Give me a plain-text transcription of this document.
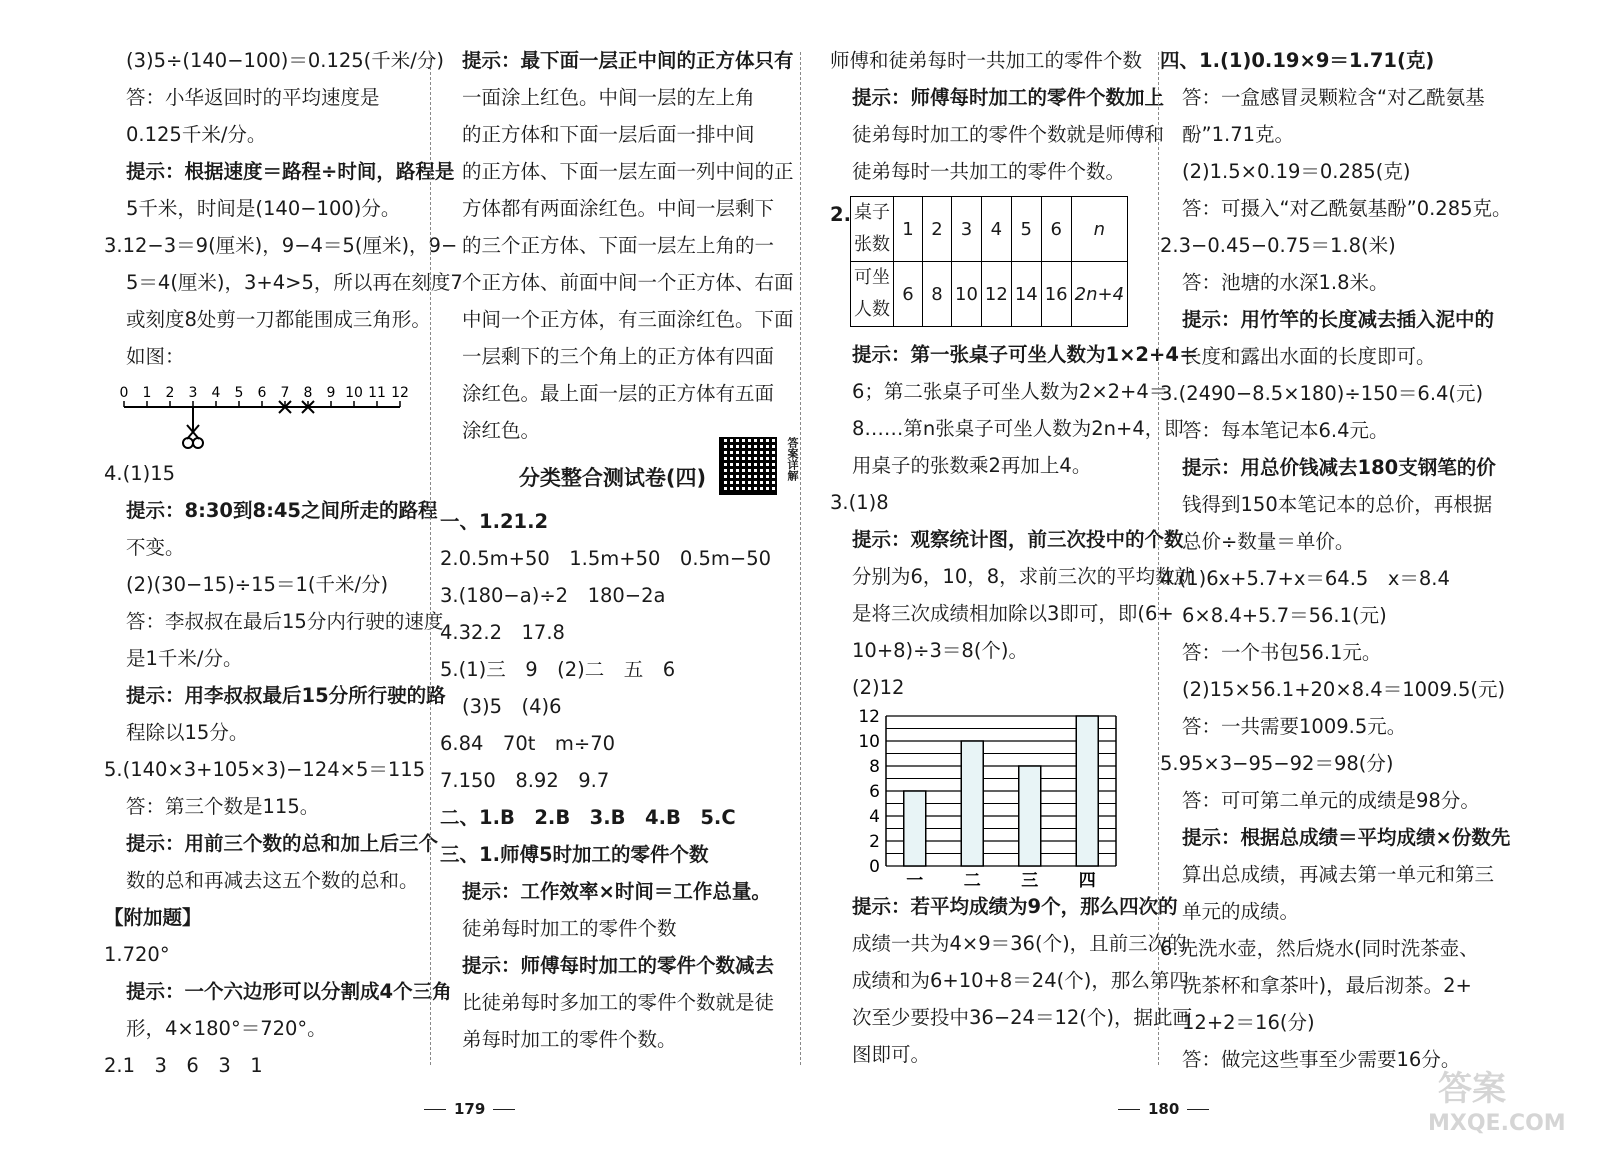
(3)5÷(140−100)＝0.125(千米/分)
答：小华返回时的平均速度是
0.125千米/分。
提示：根据速度＝路程÷时间，路程是
5千米，时间是(140−100)分。
3.12−3＝9(厘米)，9−4＝5(厘米)，9−
5＝4(厘米)，3+4>5，所以再在刻度7
或刻度8处剪一刀都能围成三角形。
如图：
0 1 2 3 4 5 6 7 8 9 10 11 12
4.(1)15
提示：8:30到8:45之间所走的路程
不变。
(2)(30−15)÷15＝1(千米/分)
答：李叔叔在最后15分内行驶的速度
是1千米/分。
提示：用李叔叔最后15分所行驶的路
程除以15分。
5.(140×3+105×3)−124×5＝115
答：第三个数是115。
提示：用前三个数的总和加上后三个
数的总和再减去这五个数的总和。
【附加题】
1.720°
提示：一个六边形可以分割成4个三角
形，4×180°＝720°。
2.1　3　6　3　1
提示：最下面一层正中间的正方体只有
一面涂上红色。中间一层的左上角
的正方体和下面一层后面一排中间
的正方体、下面一层左面一列中间的正
方体都有两面涂红色。中间一层剩下
的三个正方体、下面一层左上角的一
个正方体、前面中间一个正方体、右面
中间一个正方体，有三面涂红色。下面
一层剩下的三个角上的正方体有四面
涂红色。最上面一层的正方体有五面
涂红色。
分类整合测试卷(四)	答案详解
一、1.21.2
2.0.5m+50　1.5m+50　0.5m−50
3.(180−a)÷2　180−2a
4.32.2　17.8
5.(1)三　9　(2)二　五　6
(3)5　(4)6
6.84　70t　m÷70
7.150　8.92　9.7
二、1.B　2.B　3.B　4.B　5.C
三、1.师傅5时加工的零件个数
提示：工作效率×时间＝工作总量。
徒弟每时加工的零件个数
提示：师傅每时加工的零件个数减去
比徒弟每时多加工的零件个数就是徒
弟每时加工的零件个数。
师傅和徒弟每时一共加工的零件个数
提示：师傅每时加工的零件个数加上
徒弟每时加工的零件个数就是师傅和
徒弟每时一共加工的零件个数。
2. 桌子
张数	1	2	3	4	5	6	n

可坐
人数	6	8	10	12	14	16	2n+4
提示：第一张桌子可坐人数为1×2+4＝
6；第二张桌子可坐人数为2×2+4＝
8……第n张桌子可坐人数为2n+4，即
用桌子的张数乘2再加上4。
3.(1)8
提示：观察统计图，前三次投中的个数
分别为6，10，8，求前三次的平均数就
是将三次成绩相加除以3即可，即(6+
10+8)÷3＝8(个)。
(2)12
0
2
4
6
8
10
12
一 二 三 四
提示：若平均成绩为9个，那么四次的
成绩一共为4×9＝36(个)，且前三次的
成绩和为6+10+8＝24(个)，那么第四
次至少要投中36−24＝12(个)，据此画
图即可。
四、1.(1)0.19×9＝1.71(克)
答：一盒感冒灵颗粒含“对乙酰氨基
酚”1.71克。
(2)1.5×0.19＝0.285(克)
答：可摄入“对乙酰氨基酚”0.285克。
2.3−0.45−0.75＝1.8(米)
答：池塘的水深1.8米。
提示：用竹竿的长度减去插入泥中的
长度和露出水面的长度即可。
3.(2490−8.5×180)÷150＝6.4(元)
答：每本笔记本6.4元。
提示：用总价钱减去180支钢笔的价
钱得到150本笔记本的总价，再根据
总价÷数量＝单价。
4.(1)6x+5.7+x＝64.5　x＝8.4
6×8.4+5.7＝56.1(元)
答：一个书包56.1元。
(2)15×56.1+20×8.4＝1009.5(元)
答：一共需要1009.5元。
5.95×3−95−92＝98(分)
答：可可第二单元的成绩是98分。
提示：根据总成绩＝平均成绩×份数先
算出总成绩，再减去第一单元和第三
单元的成绩。
6.先洗水壶，然后烧水(同时洗茶壶、
洗茶杯和拿茶叶)，最后沏茶。2+
12+2＝16(分)
答：做完这些事至少需要16分。
179	180	答案
MXQE.COM
